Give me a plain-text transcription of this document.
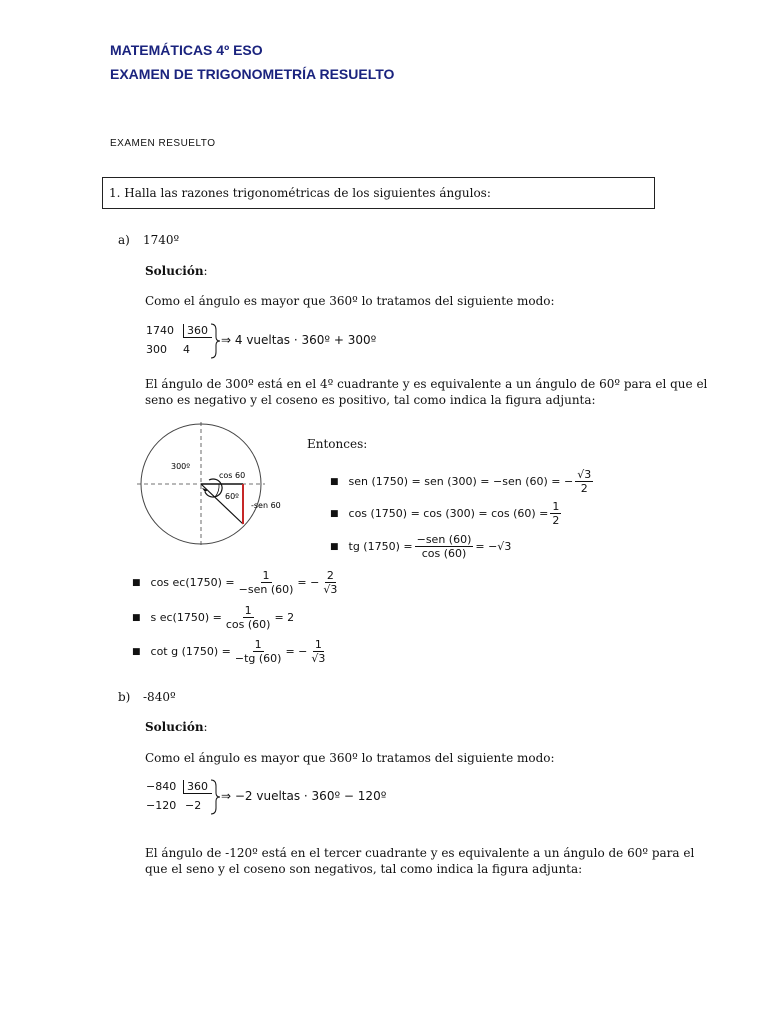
MATEMÁTICAS 4º ESO
EXAMEN DE TRIGONOMETRÍA RESUELTO
EXAMEN RESUELTO
1. Halla las razones trigonométricas de los siguientes ángulos:
a) 1740º
Solución:
Como el ángulo es mayor que 360º lo tratamos del siguiente modo:
1740	360
300 4
⇒ 4 vueltas · 360º + 300º
El ángulo de 300º está en el 4º cuadrante y es equivalente a un ángulo de 60º para el que el
seno es negativo y el coseno es positivo, tal como indica la figura adjunta:
300º
cos 60
60º
-sen 60
Entonces:
■ sen (1750) = sen (300) = −sen (60) = − $\frac{√3}{2}$
■ $\cos (1750) = \cos (300) = \cos (60) = \frac{1}{2}$
■ tg $(1750) = \frac{\text{−sen (60)}}{\cos (60)} = -√3$
■ $\cos ec(1750) = \frac{1}{\text{−sen (60)}}$ = − $\frac{2}{√3}$
■ s $ec(1750) = \frac{1}{\cos (60)} = 2$
■ cot g $(1750) = \frac{1}{-tg (60)}$ = − $\frac{1}{√3}$
b) -840º
Solución:
Como el ángulo es mayor que 360º lo tratamos del siguiente modo:
−840 360
−120 −2
⇒ −2 vueltas · 360º − 120º
El ángulo de -120º está en el tercer cuadrante y es equivalente a un ángulo de 60º para el
que el seno y el coseno son negativos, tal como indica la figura adjunta:
